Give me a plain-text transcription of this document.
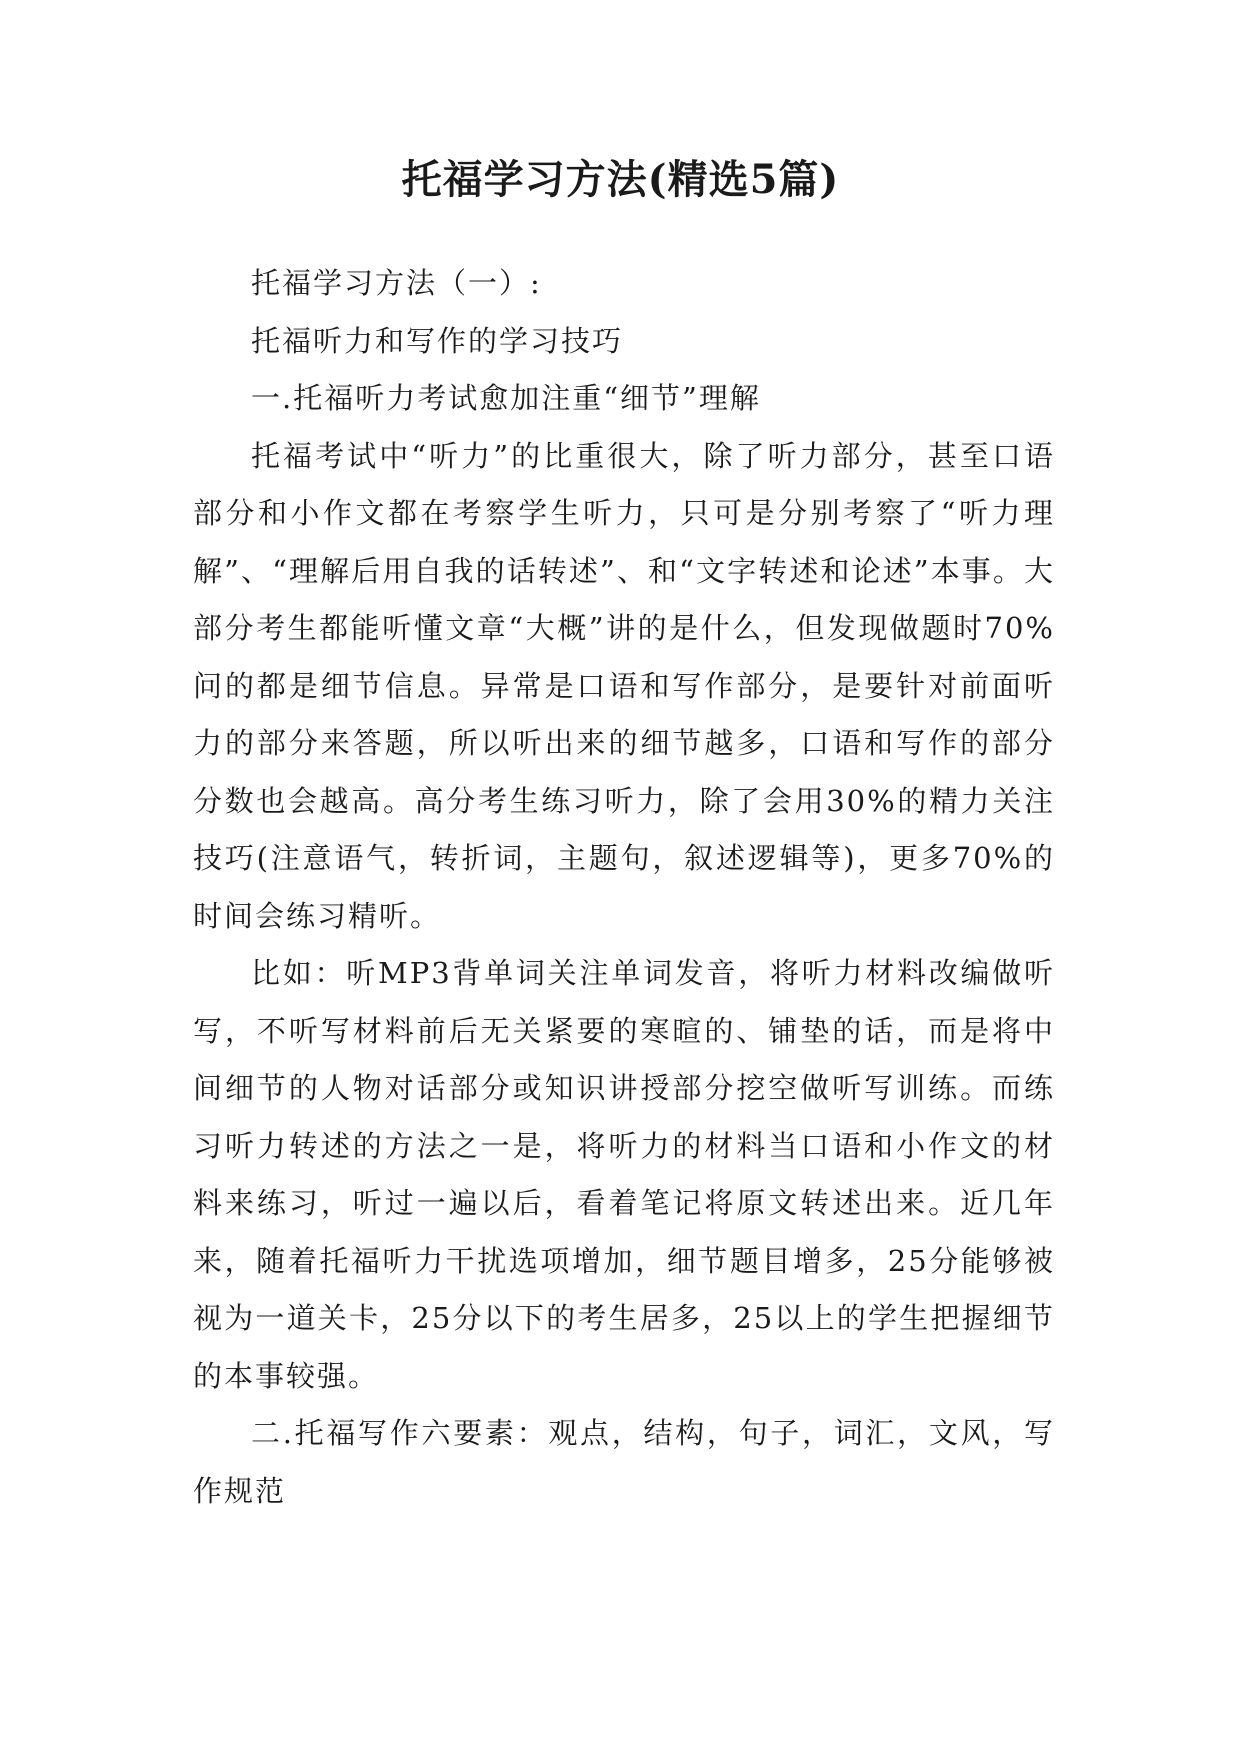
托福学习方法(精选5篇)

托福学习方法（一）:

托福听力和写作的学习技巧

一.托福听力考试愈加注重“细节”理解

托福考试中“听力”的比重很大，除了听力部分，甚至口语部分和小作文都在考察学生听力，只可是分别考察了“听力理解”、“理解后用自我的话转述”、和“文字转述和论述”本事。大部分考生都能听懂文章“大概”讲的是什么，但发现做题时70%问的都是细节信息。异常是口语和写作部分，是要针对前面听力的部分来答题，所以听出来的细节越多，口语和写作的部分分数也会越高。高分考生练习听力，除了会用30%的精力关注技巧(注意语气，转折词，主题句，叙述逻辑等)，更多70%的时间会练习精听。

比如：听MP3背单词关注单词发音，将听力材料改编做听写，不听写材料前后无关紧要的寒暄的、铺垫的话，而是将中间细节的人物对话部分或知识讲授部分挖空做听写训练。而练习听力转述的方法之一是，将听力的材料当口语和小作文的材料来练习，听过一遍以后，看着笔记将原文转述出来。近几年来，随着托福听力干扰选项增加，细节题目增多，25分能够被视为一道关卡，25分以下的考生居多，25以上的学生把握细节的本事较强。

二.托福写作六要素：观点，结构，句子，词汇，文风，写作规范
